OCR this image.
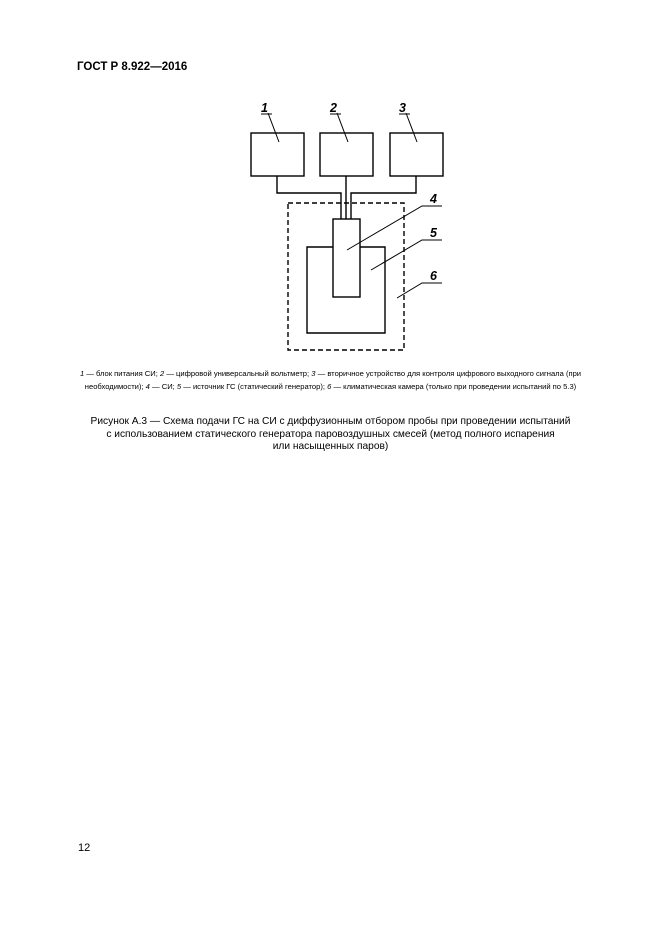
ГОСТ Р 8.922—2016
1	2	3
4
5
6
1 — блок питания СИ; 2 — цифровой универсальный вольтметр; 3 — вторичное устройство для контроля цифрового выходного сигнала (при необходимости); 4 — СИ; 5 — источник ГС (статический генератор); 6 — климатическая камера (только при проведении испытаний по 5.3)
Рисунок А.3 — Схема подачи ГС на СИ с диффузионным отбором пробы при проведении испытаний
с использованием статического генератора паровоздушных смесей (метод полного испарения
или насыщенных паров)
12
